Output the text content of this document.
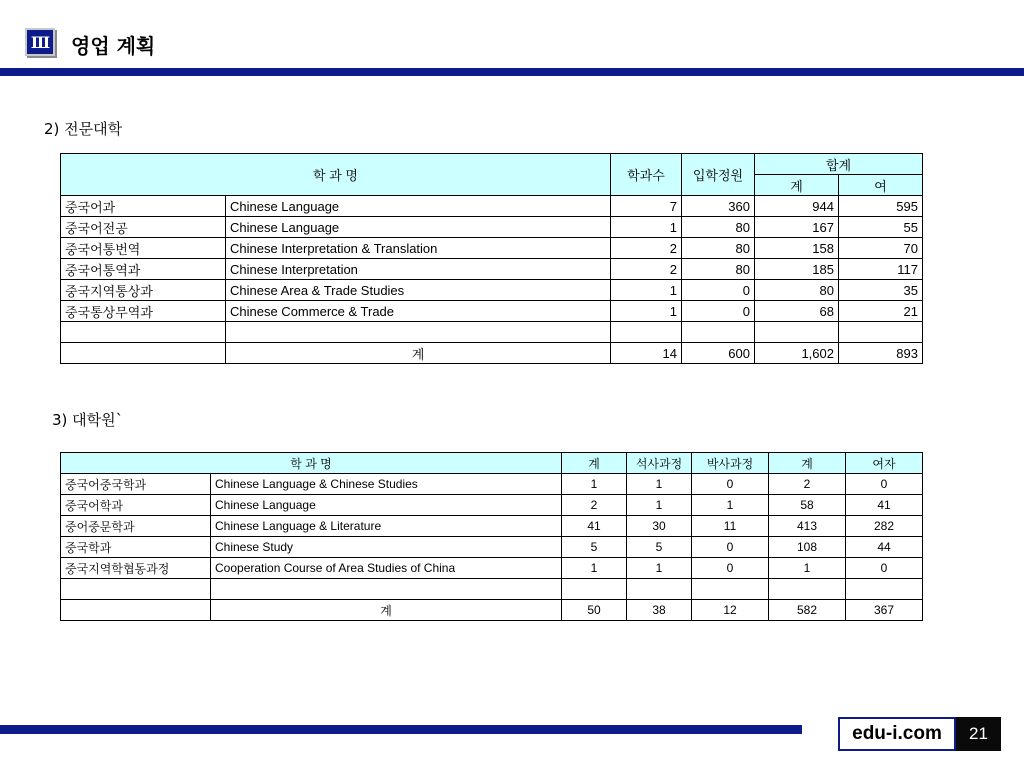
Ⅲ 영업 계획
2) 전문대학
학 과 명		학과수	입학정원	합계	
				계	여
중국어과	Chinese Language	7	360	944	595
중국어전공	Chinese Language	1	80	167	55
중국어통번역	Chinese Interpretation & Translation	2	80	158	70
중국어통역과	Chinese Interpretation	2	80	185	117
중국지역통상과	Chinese Area & Trade Studies	1	0	80	35
중국통상무역과	Chinese Commerce & Trade	1	0	68	21

	계	14	600	1,602	893
3) 대학원`
학 과 명		계	석사과정	박사과정	계	여자
중국어중국학과	Chinese Language & Chinese Studies	1	1	0	2	0
중국어학과	Chinese Language	2	1	1	58	41
중어중문학과	Chinese Language & Literature	41	30	11	413	282
중국학과	Chinese Study	5	5	0	108	44
중국지역학협동과정	Cooperation Course of Area Studies of China	1	1	0	1	0

	계	50	38	12	582	367
edu-i.com	21
